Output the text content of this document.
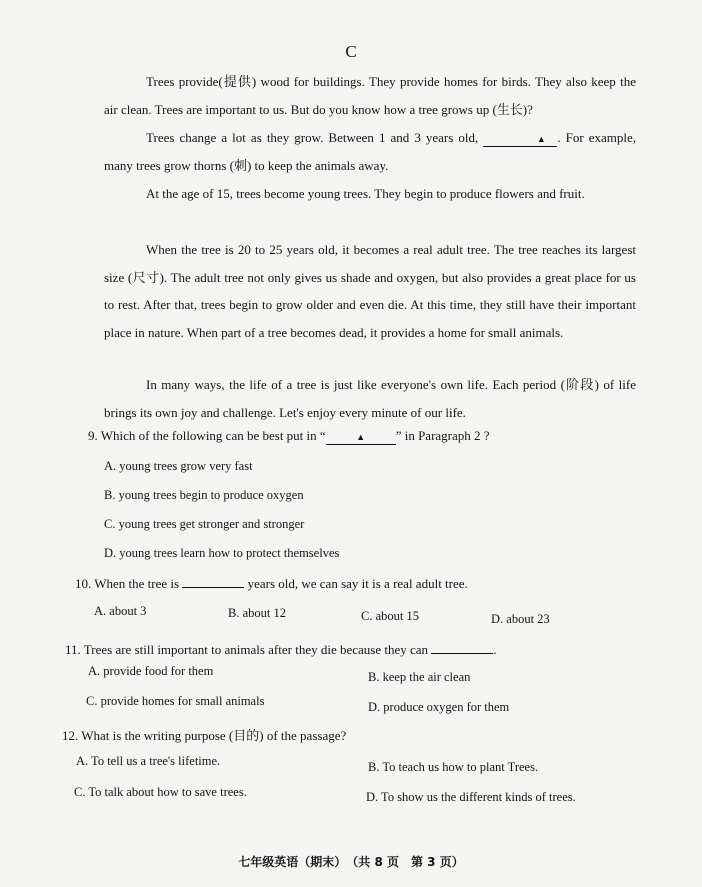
C
Trees provide(提供) wood for buildings. They provide homes for birds. They also keep the air clean. Trees are important to us. But do you know how a tree grows up (生长)?
Trees change a lot as they grow. Between 1 and 3 years old,	▲ . For example, many trees grow thorns (刺) to keep the animals away.
At the age of 15, trees become young trees. They begin to produce flowers and fruit.
When the tree is 20 to 25 years old, it becomes a real adult tree. The tree reaches its largest size (尺寸). The adult tree not only gives us shade and oxygen, but also provides a great place for us to rest. After that, trees begin to grow older and even die. At this time, they still have their important place in nature. When part of a tree becomes dead, it provides a home for small animals.
In many ways, the life of a tree is just like everyone's own life. Each period (阶段) of life brings its own joy and challenge. Let's enjoy every minute of our life.
9. Which of the following can be best put in “	▲ ” in Paragraph 2 ?
A. young trees grow very fast
B. young trees begin to produce oxygen
C. young trees get stronger and stronger
D. young trees learn how to protect themselves
10. When the tree is	years old, we can say it is a real adult tree.
A. about 3	B. about 12	C. about 15	D. about 23
11. Trees are still important to animals after they die because they can	.
A. provide food for them	B. keep the air clean
C. provide homes for small animals	D. produce oxygen for them
12. What is the writing purpose (目的) of the passage?
A. To tell us a tree's lifetime.	B. To teach us how to plant Trees.
C. To talk about how to save trees.	D. To show us the different kinds of trees.
七年级英语（期末）　（共 8 页　第 3 页）
